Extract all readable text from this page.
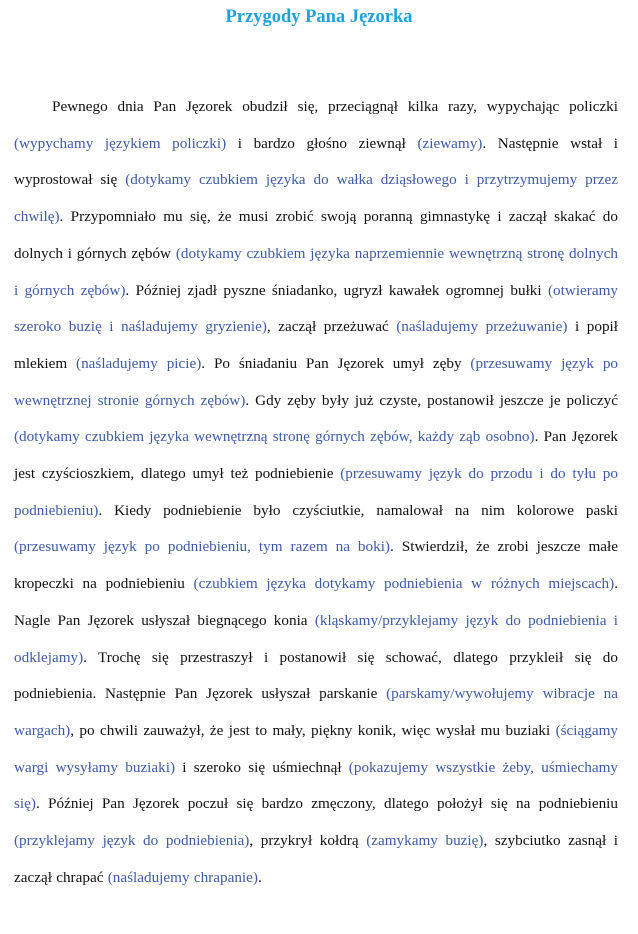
Przygody Pana Jęzorka

Pewnego dnia Pan Jęzorek obudził się, przeciągnął kilka razy, wypychając policzki (wypychamy językiem policzki) i bardzo głośno ziewnął (ziewamy). Następnie wstał i wyprostował się (dotykamy czubkiem języka do wałka dziąsłowego i przytrzymujemy przez chwilę). Przypomniało mu się, że musi zrobić swoją poranną gimnastykę i zaczął skakać do dolnych i górnych zębów (dotykamy czubkiem języka naprzemiennie wewnętrzną stronę dolnych i górnych zębów). Później zjadł pyszne śniadanko, ugryzł kawałek ogromnej bułki (otwieramy szeroko buzię i naśladujemy gryzienie), zaczął przeżuwać (naśladujemy przeżuwanie) i popił mlekiem (naśladujemy picie). Po śniadaniu Pan Jęzorek umył zęby (przesuwamy język po wewnętrznej stronie górnych zębów). Gdy zęby były już czyste, postanowił jeszcze je policzyć (dotykamy czubkiem języka wewnętrzną stronę górnych zębów, każdy ząb osobno). Pan Jęzorek jest czyścioszkiem, dlatego umył też podniebienie (przesuwamy język do przodu i do tyłu po podniebieniu). Kiedy podniebienie było czyściutkie, namalował na nim kolorowe paski (przesuwamy język po podniebieniu, tym razem na boki). Stwierdził, że zrobi jeszcze małe kropeczki na podniebieniu (czubkiem języka dotykamy podniebienia w różnych miejscach). Nagle Pan Jęzorek usłyszał biegnącego konia (kląskamy/przyklejamy język do podniebienia i odklejamy). Trochę się przestraszył i postanowił się schować, dlatego przykleił się do podniebienia. Następnie Pan Jęzorek usłyszał parskanie (parskamy/wywołujemy wibracje na wargach), po chwili zauważył, że jest to mały, piękny konik, więc wysłał mu buziaki (ściągamy wargi wysyłamy buziaki) i szeroko się uśmiechnął (pokazujemy wszystkie żeby, uśmiechamy się). Później Pan Jęzorek poczuł się bardzo zmęczony, dlatego położył się na podniebieniu (przyklejamy język do podniebienia), przykrył kołdrą (zamykamy buzię), szybciutko zasnął i zaczął chrapać (naśladujemy chrapanie).
